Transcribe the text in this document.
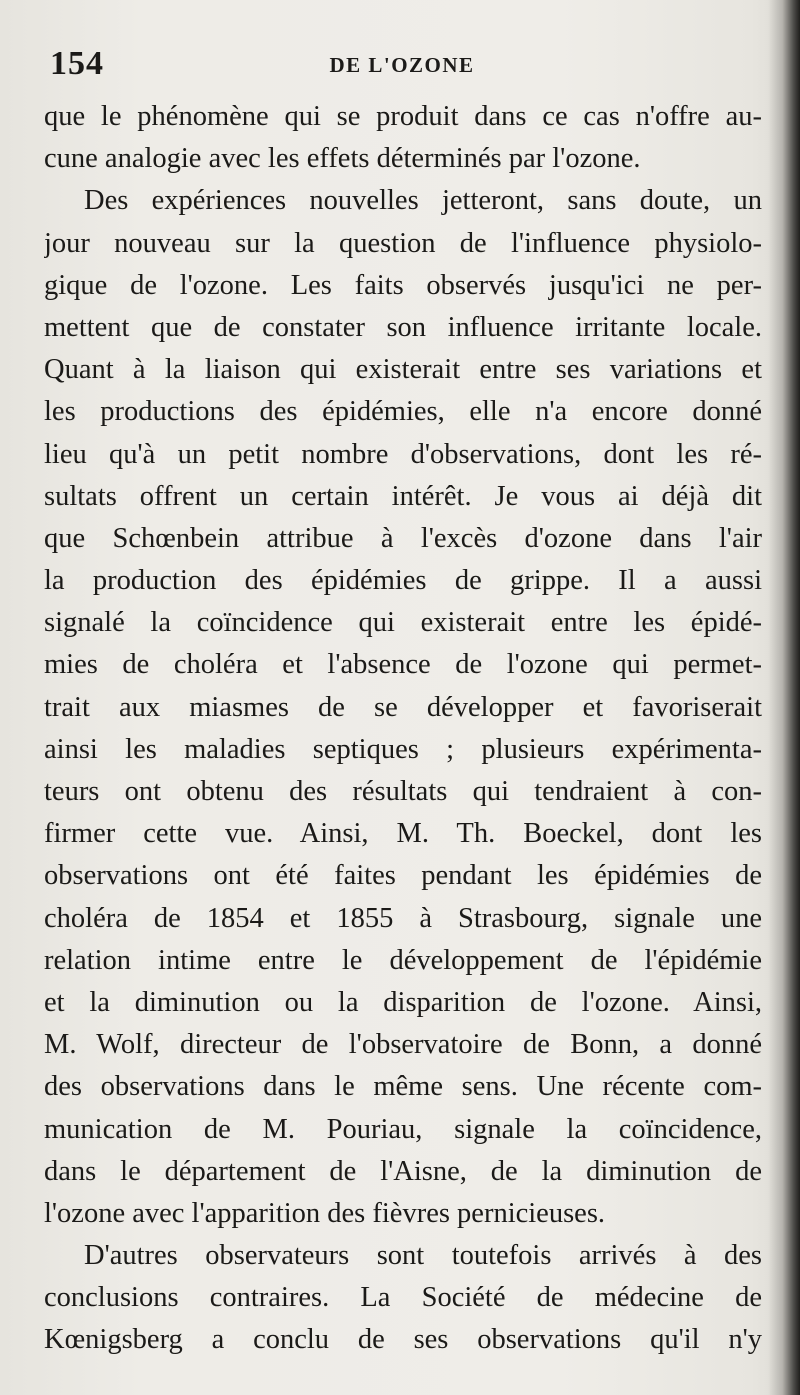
154	DE L'OZONE
que le phénomène qui se produit dans ce cas n'offre au-
cune analogie avec les effets déterminés par l'ozone.
Des expériences nouvelles jetteront, sans doute, un
jour nouveau sur la question de l'influence physiolo-
gique de l'ozone. Les faits observés jusqu'ici ne per-
mettent que de constater son influence irritante locale.
Quant à la liaison qui existerait entre ses variations et
les productions des épidémies, elle n'a encore donné
lieu qu'à un petit nombre d'observations, dont les ré-
sultats offrent un certain intérêt. Je vous ai déjà dit
que Schœnbein attribue à l'excès d'ozone dans l'air
la production des épidémies de grippe. Il a aussi
signalé la coïncidence qui existerait entre les épidé-
mies de choléra et l'absence de l'ozone qui permet-
trait aux miasmes de se développer et favoriserait
ainsi les maladies septiques ; plusieurs expérimenta-
teurs ont obtenu des résultats qui tendraient à con-
firmer cette vue. Ainsi, M. Th. Boeckel, dont les
observations ont été faites pendant les épidémies de
choléra de 1854 et 1855 à Strasbourg, signale une
relation intime entre le développement de l'épidémie
et la diminution ou la disparition de l'ozone. Ainsi,
M. Wolf, directeur de l'observatoire de Bonn, a donné
des observations dans le même sens. Une récente com-
munication de M. Pouriau, signale la coïncidence,
dans le département de l'Aisne, de la diminution de
l'ozone avec l'apparition des fièvres pernicieuses.
D'autres observateurs sont toutefois arrivés à des
conclusions contraires. La Société de médecine de
Kœnigsberg a conclu de ses observations qu'il n'y
